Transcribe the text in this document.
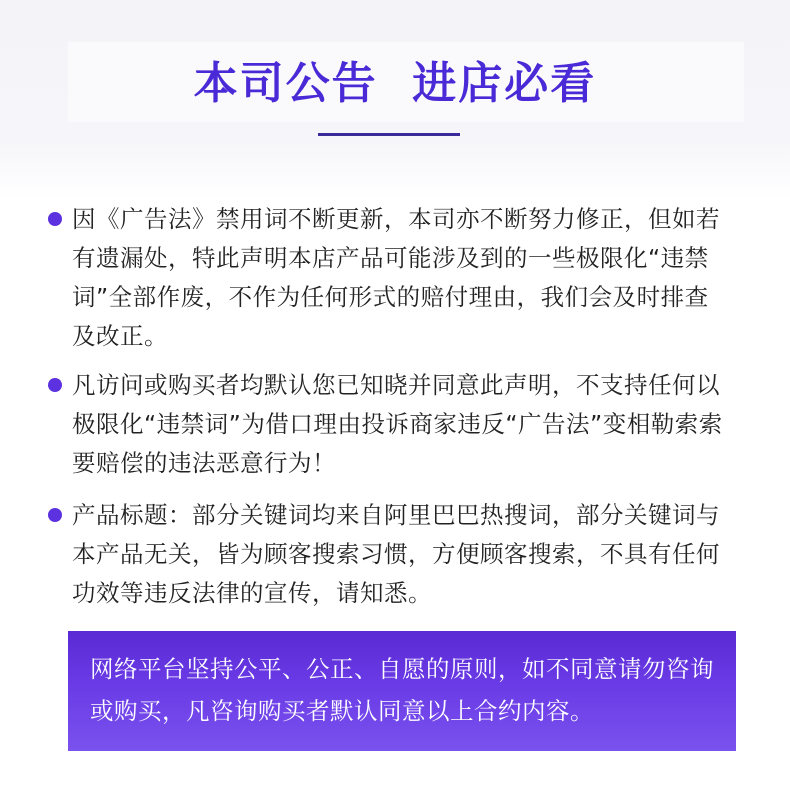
本司公告  进店必看
因《广告法》禁用词不断更新，本司亦不断努力修正，但如若有遗漏处，特此声明本店产品可能涉及到的一些极限化“违禁词”全部作废，不作为任何形式的赔付理由，我们会及时排查及改正。
凡访问或购买者均默认您已知晓并同意此声明，不支持任何以极限化“违禁词”为借口理由投诉商家违反“广告法”变相勒索索要赔偿的违法恶意行为！
产品标题：部分关键词均来自阿里巴巴热搜词，部分关键词与本产品无关，皆为顾客搜索习惯，方便顾客搜索，不具有任何功效等违反法律的宣传，请知悉。
网络平台坚持公平、公正、自愿的原则，如不同意请勿咨询或购买，凡咨询购买者默认同意以上合约内容。
